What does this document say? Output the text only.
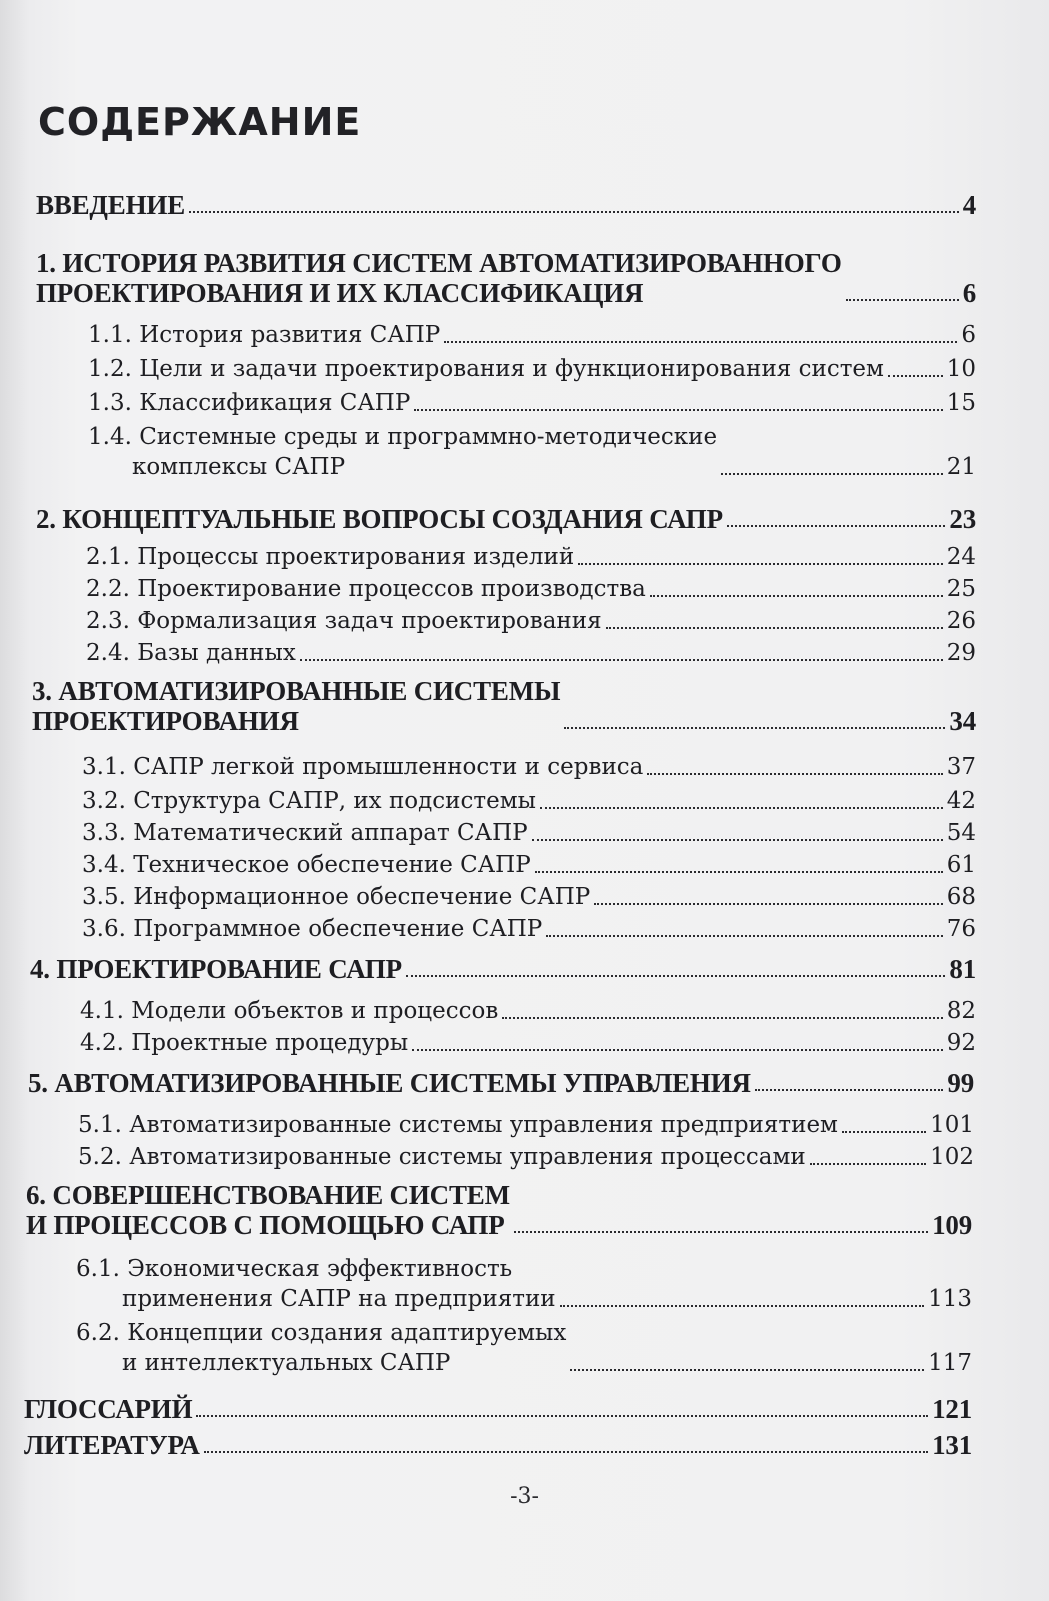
СОДЕРЖАНИЕ
ВВЕДЕНИЕ	4
1. ИСТОРИЯ РАЗВИТИЯ СИСТЕМ АВТОМАТИЗИРОВАННОГО
ПРОЕКТИРОВАНИЯ И ИХ КЛАССИФИКАЦИЯ	6
1.1. История развития САПР	6
1.2. Цели и задачи проектирования и функционирования систем	10
1.3. Классификация САПР	15
1.4. Системные среды и программно-методические
комплексы САПР	21
2. КОНЦЕПТУАЛЬНЫЕ ВОПРОСЫ СОЗДАНИЯ САПР	23
2.1. Процессы проектирования изделий	24
2.2. Проектирование процессов производства	25
2.3. Формализация задач проектирования	26
2.4. Базы данных	29
3. АВТОМАТИЗИРОВАННЫЕ СИСТЕМЫ
ПРОЕКТИРОВАНИЯ	34
3.1. САПР легкой промышленности и сервиса	37
3.2. Структура САПР, их подсистемы	42
3.3. Математический аппарат САПР	54
3.4. Техническое обеспечение САПР	61
3.5. Информационное обеспечение САПР	68
3.6. Программное обеспечение САПР	76
4. ПРОЕКТИРОВАНИЕ САПР	81
4.1. Модели объектов и процессов	82
4.2. Проектные процедуры	92
5. АВТОМАТИЗИРОВАННЫЕ СИСТЕМЫ УПРАВЛЕНИЯ	99
5.1. Автоматизированные системы управления предприятием	101
5.2. Автоматизированные системы управления процессами	102
6. СОВЕРШЕНСТВОВАНИЕ СИСТЕМ
И ПРОЦЕССОВ С ПОМОЩЬЮ САПР	109
6.1. Экономическая эффективность
применения САПР на предприятии	113
6.2. Концепции создания адаптируемых
и интеллектуальных САПР	117
ГЛОССАРИЙ	121
ЛИТЕРАТУРА	131
-3-
